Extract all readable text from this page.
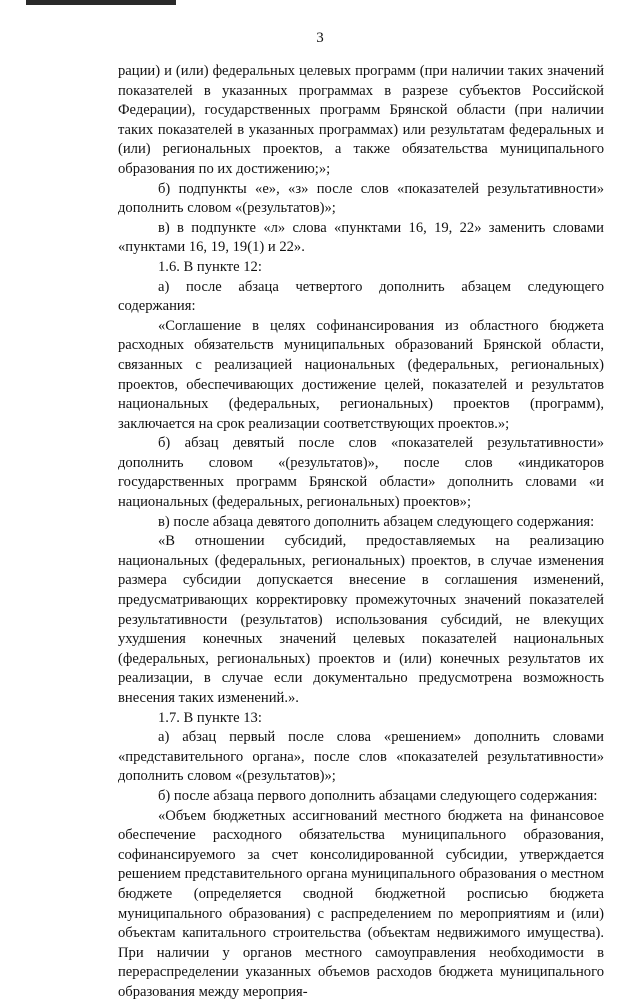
3

рации) и (или) федеральных целевых программ (при наличии таких значений показателей в указанных программах в разрезе субъектов Российской Федерации), государственных программ Брянской области (при наличии таких показателей в указанных программах) или результатам федеральных и (или) региональных проектов, а также обязательства муниципального образования по их достижению;»;

б) подпункты «е», «з» после слов «показателей результативности» дополнить словом «(результатов)»;

в) в подпункте «л» слова «пунктами 16, 19, 22» заменить словами «пунктами 16, 19, 19(1) и 22».

1.6. В пункте 12:

а) после абзаца четвертого дополнить абзацем следующего содержания:

«Соглашение в целях софинансирования из областного бюджета расходных обязательств муниципальных образований Брянской области, связанных с реализацией национальных (федеральных, региональных) проектов, обеспечивающих достижение целей, показателей и результатов национальных (федеральных, региональных) проектов (программ), заключается на срок реализации соответствующих проектов.»;

б) абзац девятый после слов «показателей результативности» дополнить словом «(результатов)», после слов «индикаторов государственных программ Брянской области» дополнить словами «и национальных (федеральных, региональных) проектов»;

в) после абзаца девятого дополнить абзацем следующего содержания:

«В отношении субсидий, предоставляемых на реализацию национальных (федеральных, региональных) проектов, в случае изменения размера субсидии допускается внесение в соглашения изменений, предусматривающих корректировку промежуточных значений показателей результативности (результатов) использования субсидий, не влекущих ухудшения конечных значений целевых показателей национальных (федеральных, региональных) проектов и (или) конечных результатов их реализации, в случае если документально предусмотрена возможность внесения таких изменений.».

1.7. В пункте 13:

а) абзац первый после слова «решением» дополнить словами «представительного органа», после слов «показателей результативности» дополнить словом «(результатов)»;

б) после абзаца первого дополнить абзацами следующего содержания:

«Объем бюджетных ассигнований местного бюджета на финансовое обеспечение расходного обязательства муниципального образования, софинансируемого за счет консолидированной субсидии, утверждается решением представительного органа муниципального образования о местном бюджете (определяется сводной бюджетной росписью бюджета муниципального образования) с распределением по мероприятиям и (или) объектам капитального строительства (объектам недвижимого имущества). При наличии у органов местного самоуправления необходимости в перераспределении указанных объемов расходов бюджета муниципального образования между мероприя-
